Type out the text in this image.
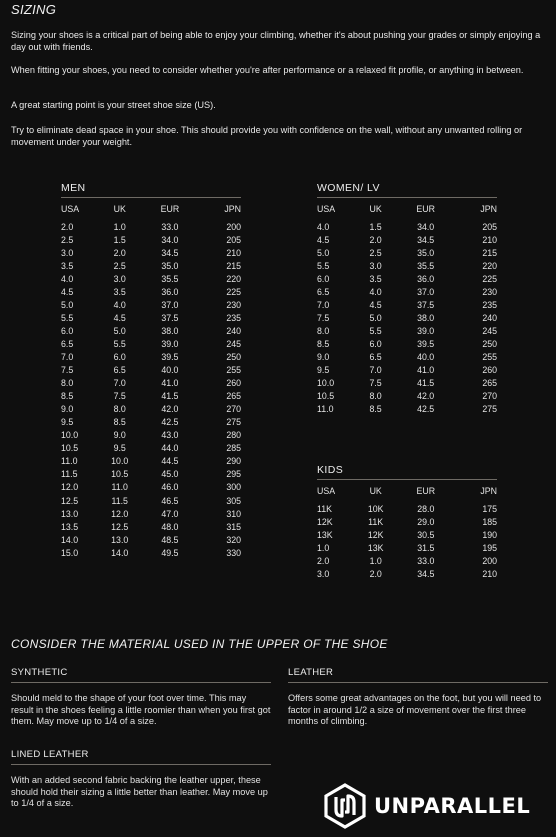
SIZING
Sizing your shoes is a critical part of being able to enjoy your climbing, whether it's about pushing your grades or simply enjoying a day out with friends.
When fitting your shoes, you need to consider whether you're after performance or a relaxed fit profile, or anything in between.
A great starting point is your street shoe size (US).
Try to eliminate dead space in your shoe. This should provide you with confidence on the wall, without any unwanted rolling or movement under your weight.
MEN
USA	UK	EUR	JPN
2.0	1.0	33.0	200
2.5	1.5	34.0	205
3.0	2.0	34.5	210
3.5	2.5	35.0	215
4.0	3.0	35.5	220
4.5	3.5	36.0	225
5.0	4.0	37.0	230
5.5	4.5	37.5	235
6.0	5.0	38.0	240
6.5	5.5	39.0	245
7.0	6.0	39.5	250
7.5	6.5	40.0	255
8.0	7.0	41.0	260
8.5	7.5	41.5	265
9.0	8.0	42.0	270
9.5	8.5	42.5	275
10.0	9.0	43.0	280
10.5	9.5	44.0	285
11.0	10.0	44.5	290
11.5	10.5	45.0	295
12.0	11.0	46.0	300
12.5	11.5	46.5	305
13.0	12.0	47.0	310
13.5	12.5	48.0	315
14.0	13.0	48.5	320
15.0	14.0	49.5	330
WOMEN/ LV
USA	UK	EUR	JPN
4.0	1.5	34.0	205
4.5	2.0	34.5	210
5.0	2.5	35.0	215
5.5	3.0	35.5	220
6.0	3.5	36.0	225
6.5	4.0	37.0	230
7.0	4.5	37.5	235
7.5	5.0	38.0	240
8.0	5.5	39.0	245
8.5	6.0	39.5	250
9.0	6.5	40.0	255
9.5	7.0	41.0	260
10.0	7.5	41.5	265
10.5	8.0	42.0	270
11.0	8.5	42.5	275
KIDS
USA	UK	EUR	JPN
11K	10K	28.0	175
12K	11K	29.0	185
13K	12K	30.5	190
1.0	13K	31.5	195
2.0	1.0	33.0	200
3.0	2.0	34.5	210
CONSIDER THE MATERIAL USED IN THE UPPER OF THE SHOE
SYNTHETIC
Should meld to the shape of your foot over time. This may result in the shoes feeling a little roomier than when you first got them. May move up to 1/4 of a size.
LEATHER
Offers some great advantages on the foot, but you will need to factor in around 1/2 a size of movement over the first three months of climbing.
LINED LEATHER
With an added second fabric backing the leather upper, these should hold their sizing a little better than leather. May move up to 1/4 of a size.	UNPARALLEL
